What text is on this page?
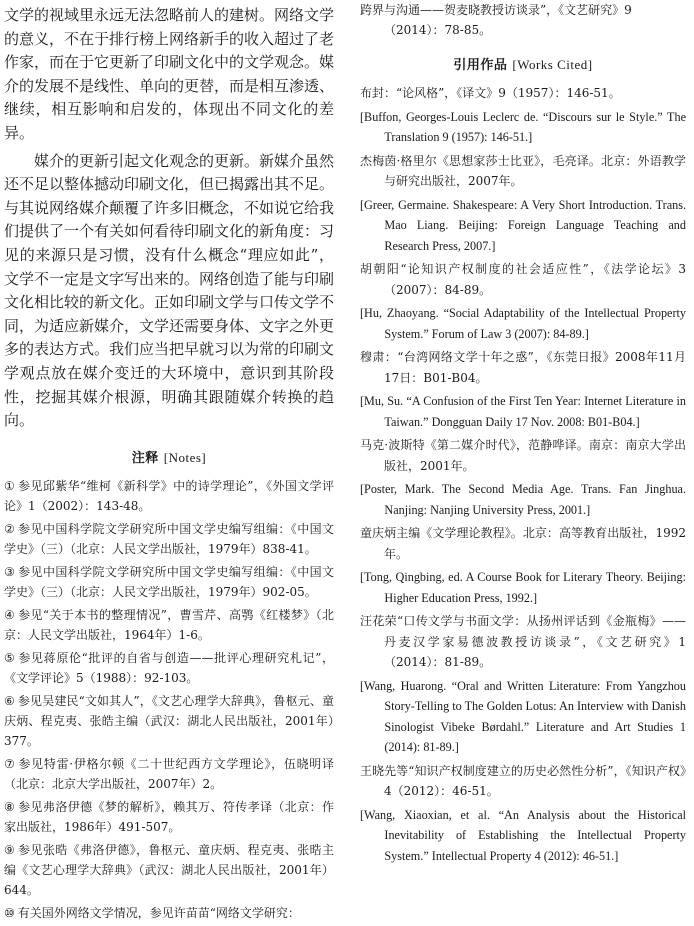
文学的视域里永远无法忽略前人的建树。网络文学的意义，不在于排行榜上网络新手的收入超过了老作家，而在于它更新了印刷文化中的文学观念。媒介的发展不是线性、单向的更替，而是相互渗透、继续，相互影响和启发的，体现出不同文化的差异。

媒介的更新引起文化观念的更新。新媒介虽然还不足以整体撼动印刷文化，但已揭露出其不足。与其说网络媒介颠覆了许多旧概念，不如说它给我们提供了一个有关如何看待印刷文化的新角度：习见的来源只是习惯，没有什么概念“理应如此”，文学不一定是文字写出来的。网络创造了能与印刷文化相比较的新文化。正如印刷文学与口传文学不同，为适应新媒介，文学还需要身体、文字之外更多的表达方式。我们应当把早就习以为常的印刷文学观点放在媒介变迁的大环境中，意识到其阶段性，挖掘其媒介根源，明确其跟随媒介转换的趋向。

注释 [Notes]

① 参见邱紫华“维柯《新科学》中的诗学理论”，《外国文学评论》1（2002）：143-48。

② 参见中国科学院文学研究所中国文学史编写组编：《中国文学史》（三）（北京：人民文学出版社，1979年）838-41。

③ 参见中国科学院文学研究所中国文学史编写组编：《中国文学史》（三）（北京：人民文学出版社，1979年）902-05。

④ 参见“关于本书的整理情况”，曹雪芹、高鹗《红楼梦》（北京：人民文学出版社，1964年）1-6。

⑤ 参见蒋原伦“批评的自省与创造——批评心理研究札记”，《文学评论》5（1988）：92-103。

⑥ 参见吴建民“文如其人”，《文艺心理学大辞典》，鲁枢元、童庆炳、程克夷、张皓主编（武汉：湖北人民出版社，2001年）377。

⑦ 参见特雷·伊格尔顿《二十世纪西方文学理论》，伍晓明译（北京：北京大学出版社，2007年）2。

⑧ 参见弗洛伊德《梦的解析》，赖其万、符传孝译（北京：作家出版社，1986年）491-507。

⑨ 参见张晧《弗洛伊德》，鲁枢元、童庆炳、程克夷、张晧主编《文艺心理学大辞典》（武汉：湖北人民出版社，2001年）644。

⑩ 有关国外网络文学情况，参见许苗苗“网络文学研究：

跨界与沟通——贺麦晓教授访谈录”，《文艺研究》9（2014）：78-85。

引用作品 [Works Cited]

布封：“论风格”，《译文》9（1957）：146-51。

[Buffon, Georges-Louis Leclerc de. “Discours sur le Style.” The Translation 9 (1957): 146-51.]

杰梅茵·格里尔《思想家莎士比亚》，毛亮译。北京：外语教学与研究出版社，2007年。

[Greer, Germaine. Shakespeare: A Very Short Introduction. Trans. Mao Liang. Beijing: Foreign Language Teaching and Research Press, 2007.]

胡朝阳“论知识产权制度的社会适应性”，《法学论坛》3（2007）：84-89。

[Hu, Zhaoyang. “Social Adaptability of the Intellectual Property System.” Forum of Law 3 (2007): 84-89.]

穆肃：“台湾网络文学十年之惑”，《东莞日报》2008年11月17日：B01-B04。

[Mu, Su. “A Confusion of the First Ten Year: Internet Literature in Taiwan.” Dongguan Daily 17 Nov. 2008: B01-B04.]

马克·波斯特《第二媒介时代》，范静哗译。南京：南京大学出版社，2001年。

[Poster, Mark. The Second Media Age. Trans. Fan Jinghua. Nanjing: Nanjing University Press, 2001.]

童庆炳主编《文学理论教程》。北京：高等教育出版社，1992年。

[Tong, Qingbing, ed. A Course Book for Literary Theory. Beijing: Higher Education Press, 1992.]

汪花荣“口传文学与书面文学：从扬州评话到《金瓶梅》——丹麦汉学家易德波教授访谈录”，《文艺研究》1（2014）：81-89。

[Wang, Huarong. “Oral and Written Literature: From Yangzhou Story-Telling to The Golden Lotus: An Interview with Danish Sinologist Vibeke Børdahl.” Literature and Art Studies 1 (2014): 81-89.]

王晓先等“知识产权制度建立的历史必然性分析”，《知识产权》4（2012）：46-51。

[Wang, Xiaoxian, et al. “An Analysis about the Historical Inevitability of Establishing the Intellectual Property System.” Intellectual Property 4 (2012): 46-51.]
